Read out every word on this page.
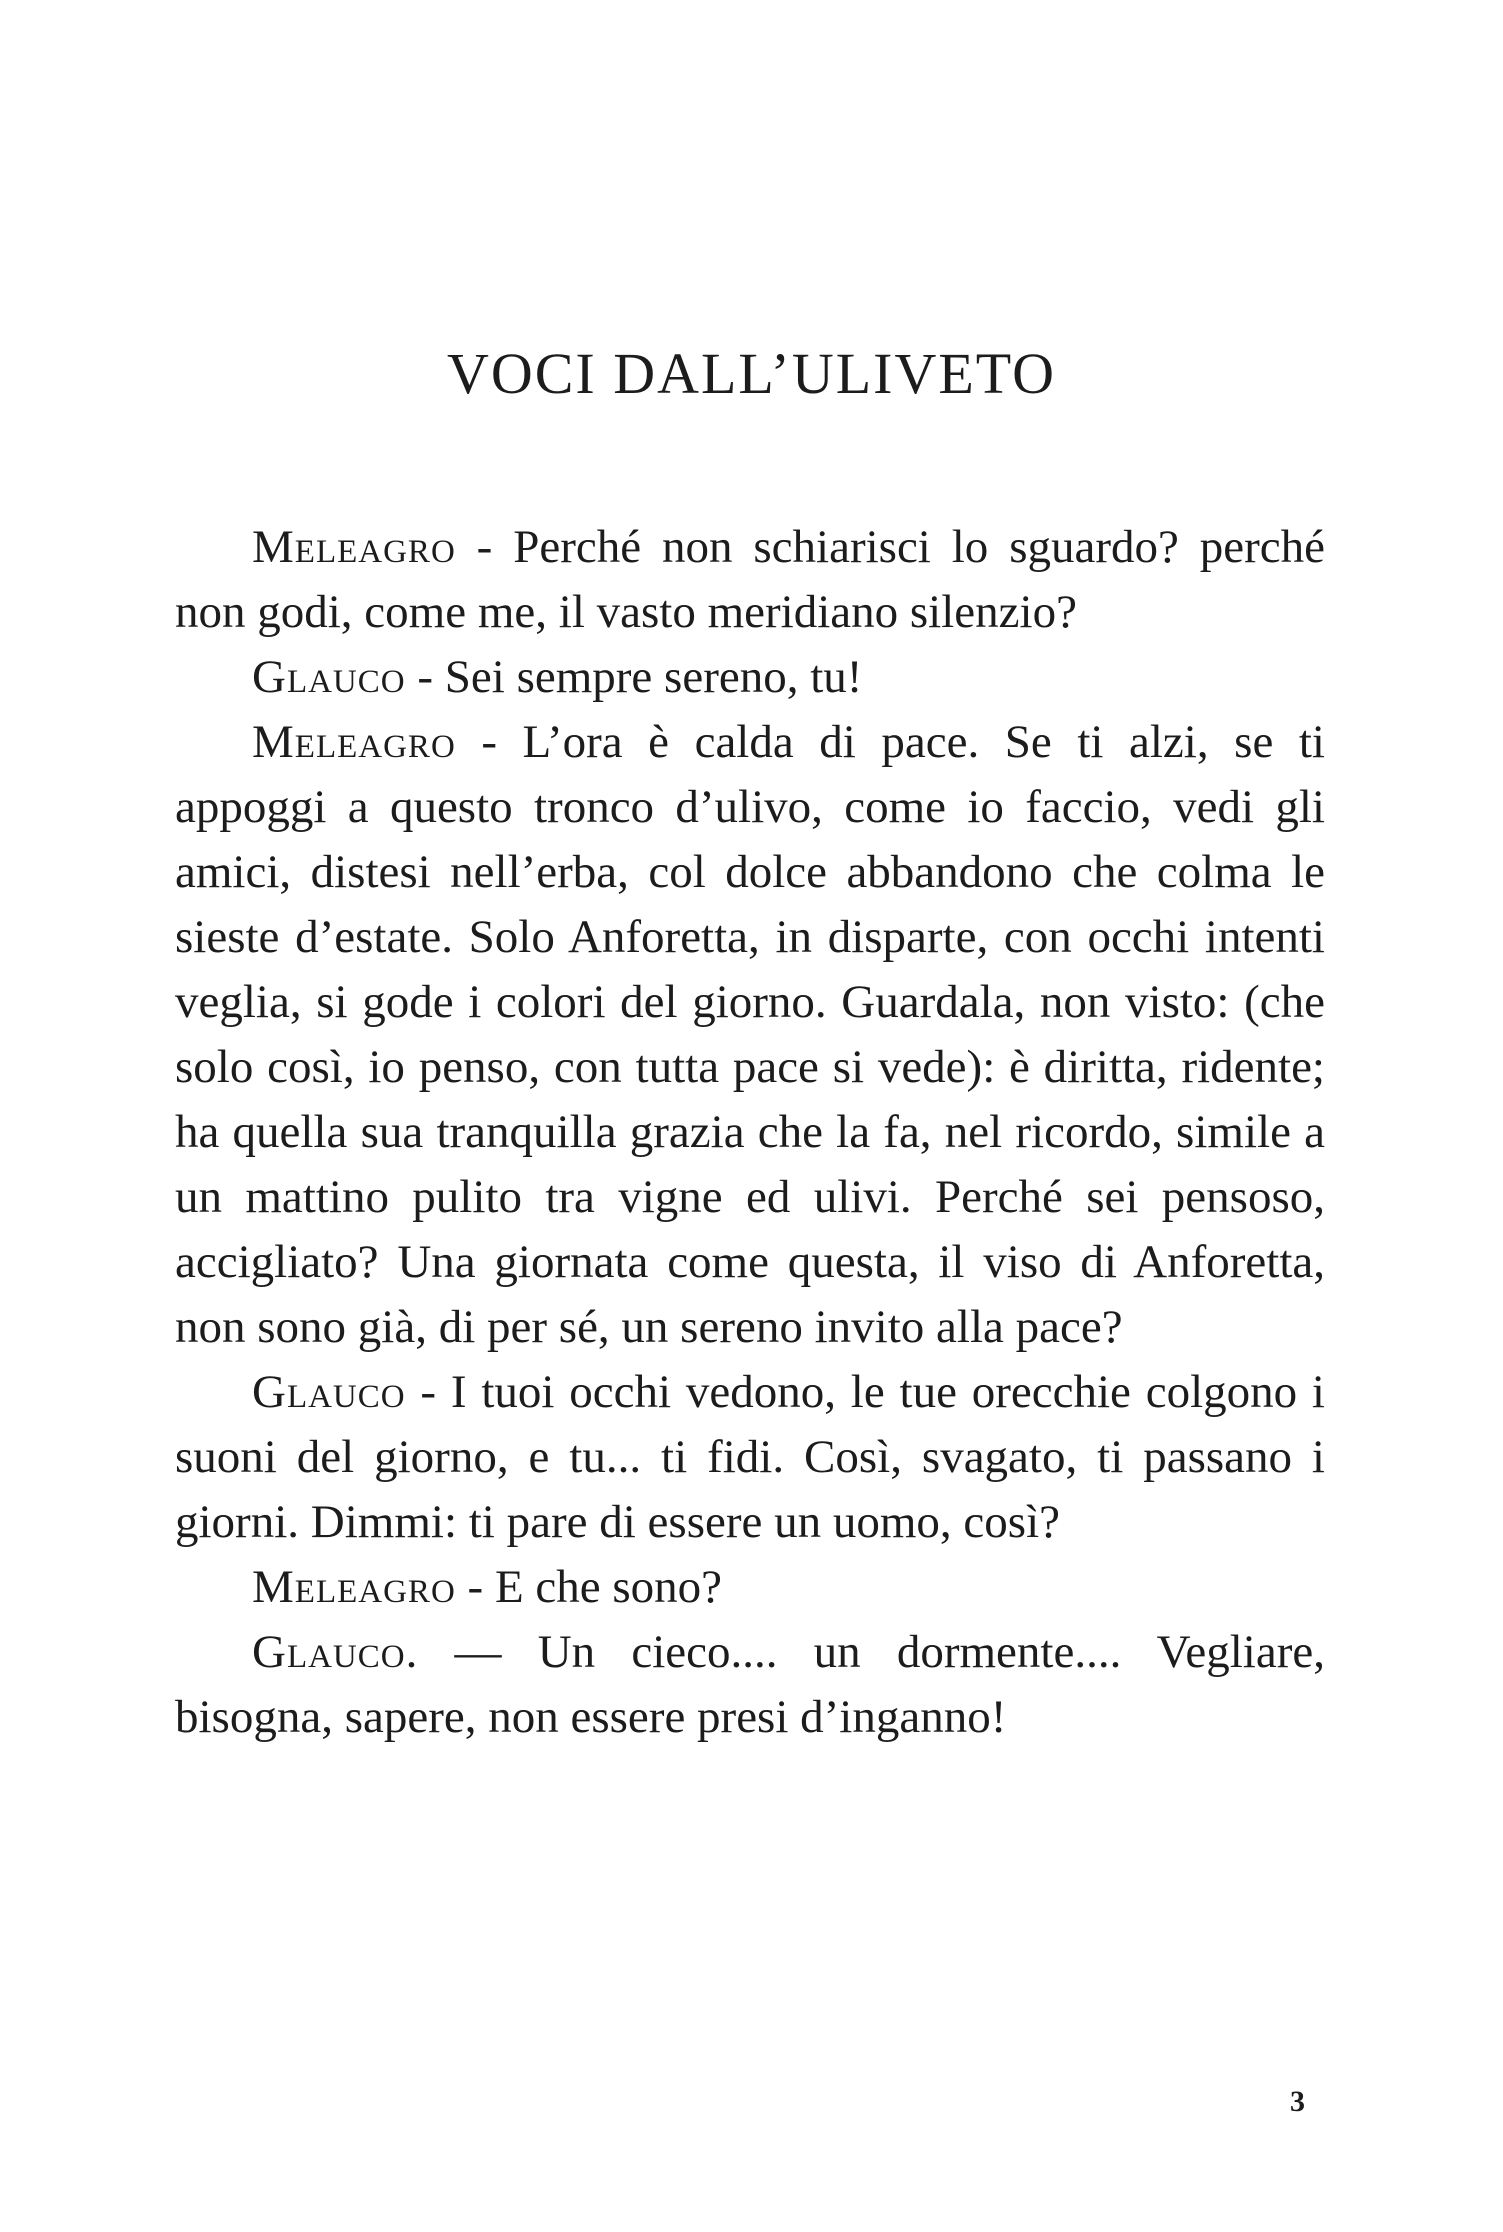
VOCI DALL’ULIVETO

Meleagro - Perché non schiarisci lo sguardo? perché non godi, come me, il vasto meridiano silenzio?

Glauco - Sei sempre sereno, tu!

Meleagro - L’ora è calda di pace. Se ti alzi, se ti appoggi a questo tronco d’ulivo, come io faccio, vedi gli amici, distesi nell’erba, col dolce abbandono che colma le sieste d’estate. Solo Anforetta, in disparte, con occhi intenti veglia, si gode i colori del giorno. Guardala, non visto: (che solo così, io penso, con tutta pace si vede): è diritta, ridente; ha quella sua tranquilla grazia che la fa, nel ricordo, simile a un mattino pulito tra vigne ed ulivi. Perché sei pensoso, accigliato? Una giornata come questa, il viso di Anforetta, non sono già, di per sé, un sereno invito alla pace?

Glauco - I tuoi occhi vedono, le tue orecchie colgono i suoni del giorno, e tu... ti fidi. Così, svagato, ti passano i giorni. Dimmi: ti pare di essere un uomo, così?

Meleagro - E che sono?

Glauco. — Un cieco.... un dormente.... Vegliare, bisogna, sapere, non essere presi d’inganno!

3
